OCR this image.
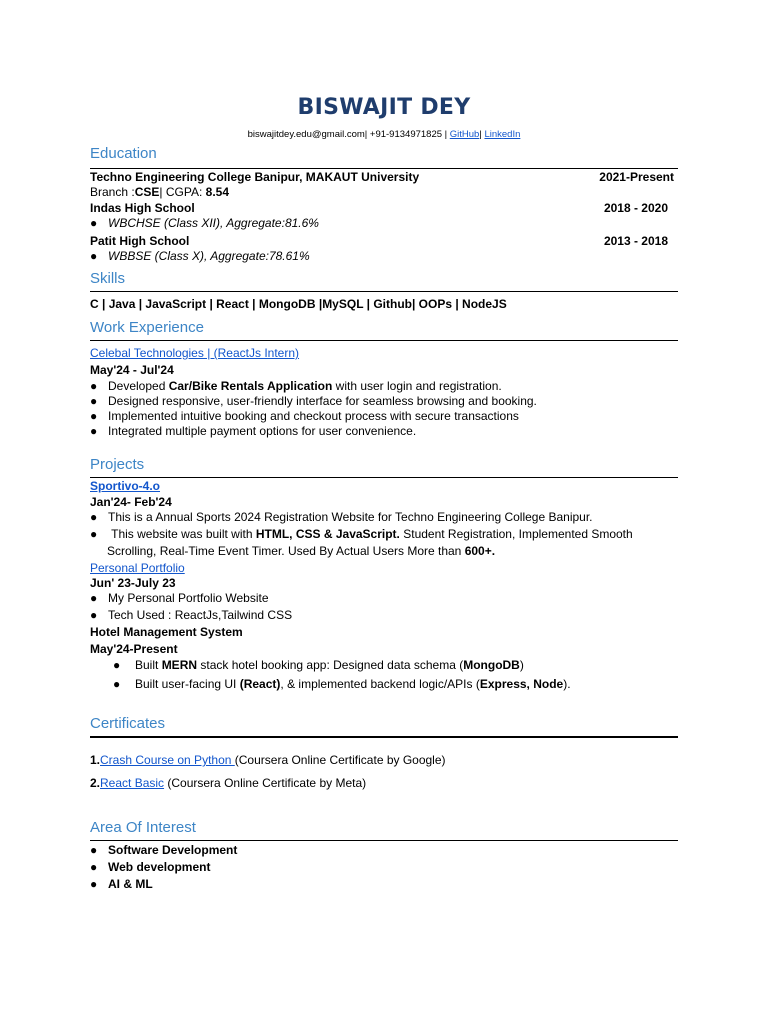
BISWAJIT DEY
biswajitdey.edu@gmail.com| +91-9134971825 | GitHub| LinkedIn
Education
Techno Engineering College Banipur, MAKAUT University	2021-Present
Branch :CSE| CGPA: 8.54
Indas High School	2018 - 2020
● WBCHSE (Class XII), Aggregate:81.6%
Patit High School	2013 - 2018
● WBBSE (Class X), Aggregate:78.61%
Skills
C | Java | JavaScript | React | MongoDB |MySQL | Github| OOPs | NodeJS
Work Experience
Celebal Technologies | (ReactJs Intern)
May'24 - Jul'24
● Developed Car/Bike Rentals Application with user login and registration.
● Designed responsive, user-friendly interface for seamless browsing and booking.
● Implemented intuitive booking and checkout process with secure transactions
● Integrated multiple payment options for user convenience.
Projects
Sportivo-4.o
Jan'24- Feb'24
● This is a Annual Sports 2024 Registration Website for Techno Engineering College Banipur.
● This website was built with HTML, CSS & JavaScript. Student Registration, Implemented Smooth
Scrolling, Real-Time Event Timer. Used By Actual Users More than 600+.
Personal Portfolio
Jun' 23-July 23
● My Personal Portfolio Website
● Tech Used : ReactJs,Tailwind CSS
Hotel Management System
May'24-Present
● Built MERN stack hotel booking app: Designed data schema (MongoDB)
● Built user-facing UI (React), & implemented backend logic/APIs (Express, Node).
Certificates
1.Crash Course on Python (Coursera Online Certificate by Google)
2.React Basic (Coursera Online Certificate by Meta)
Area Of Interest
● Software Development
● Web development
● AI & ML
